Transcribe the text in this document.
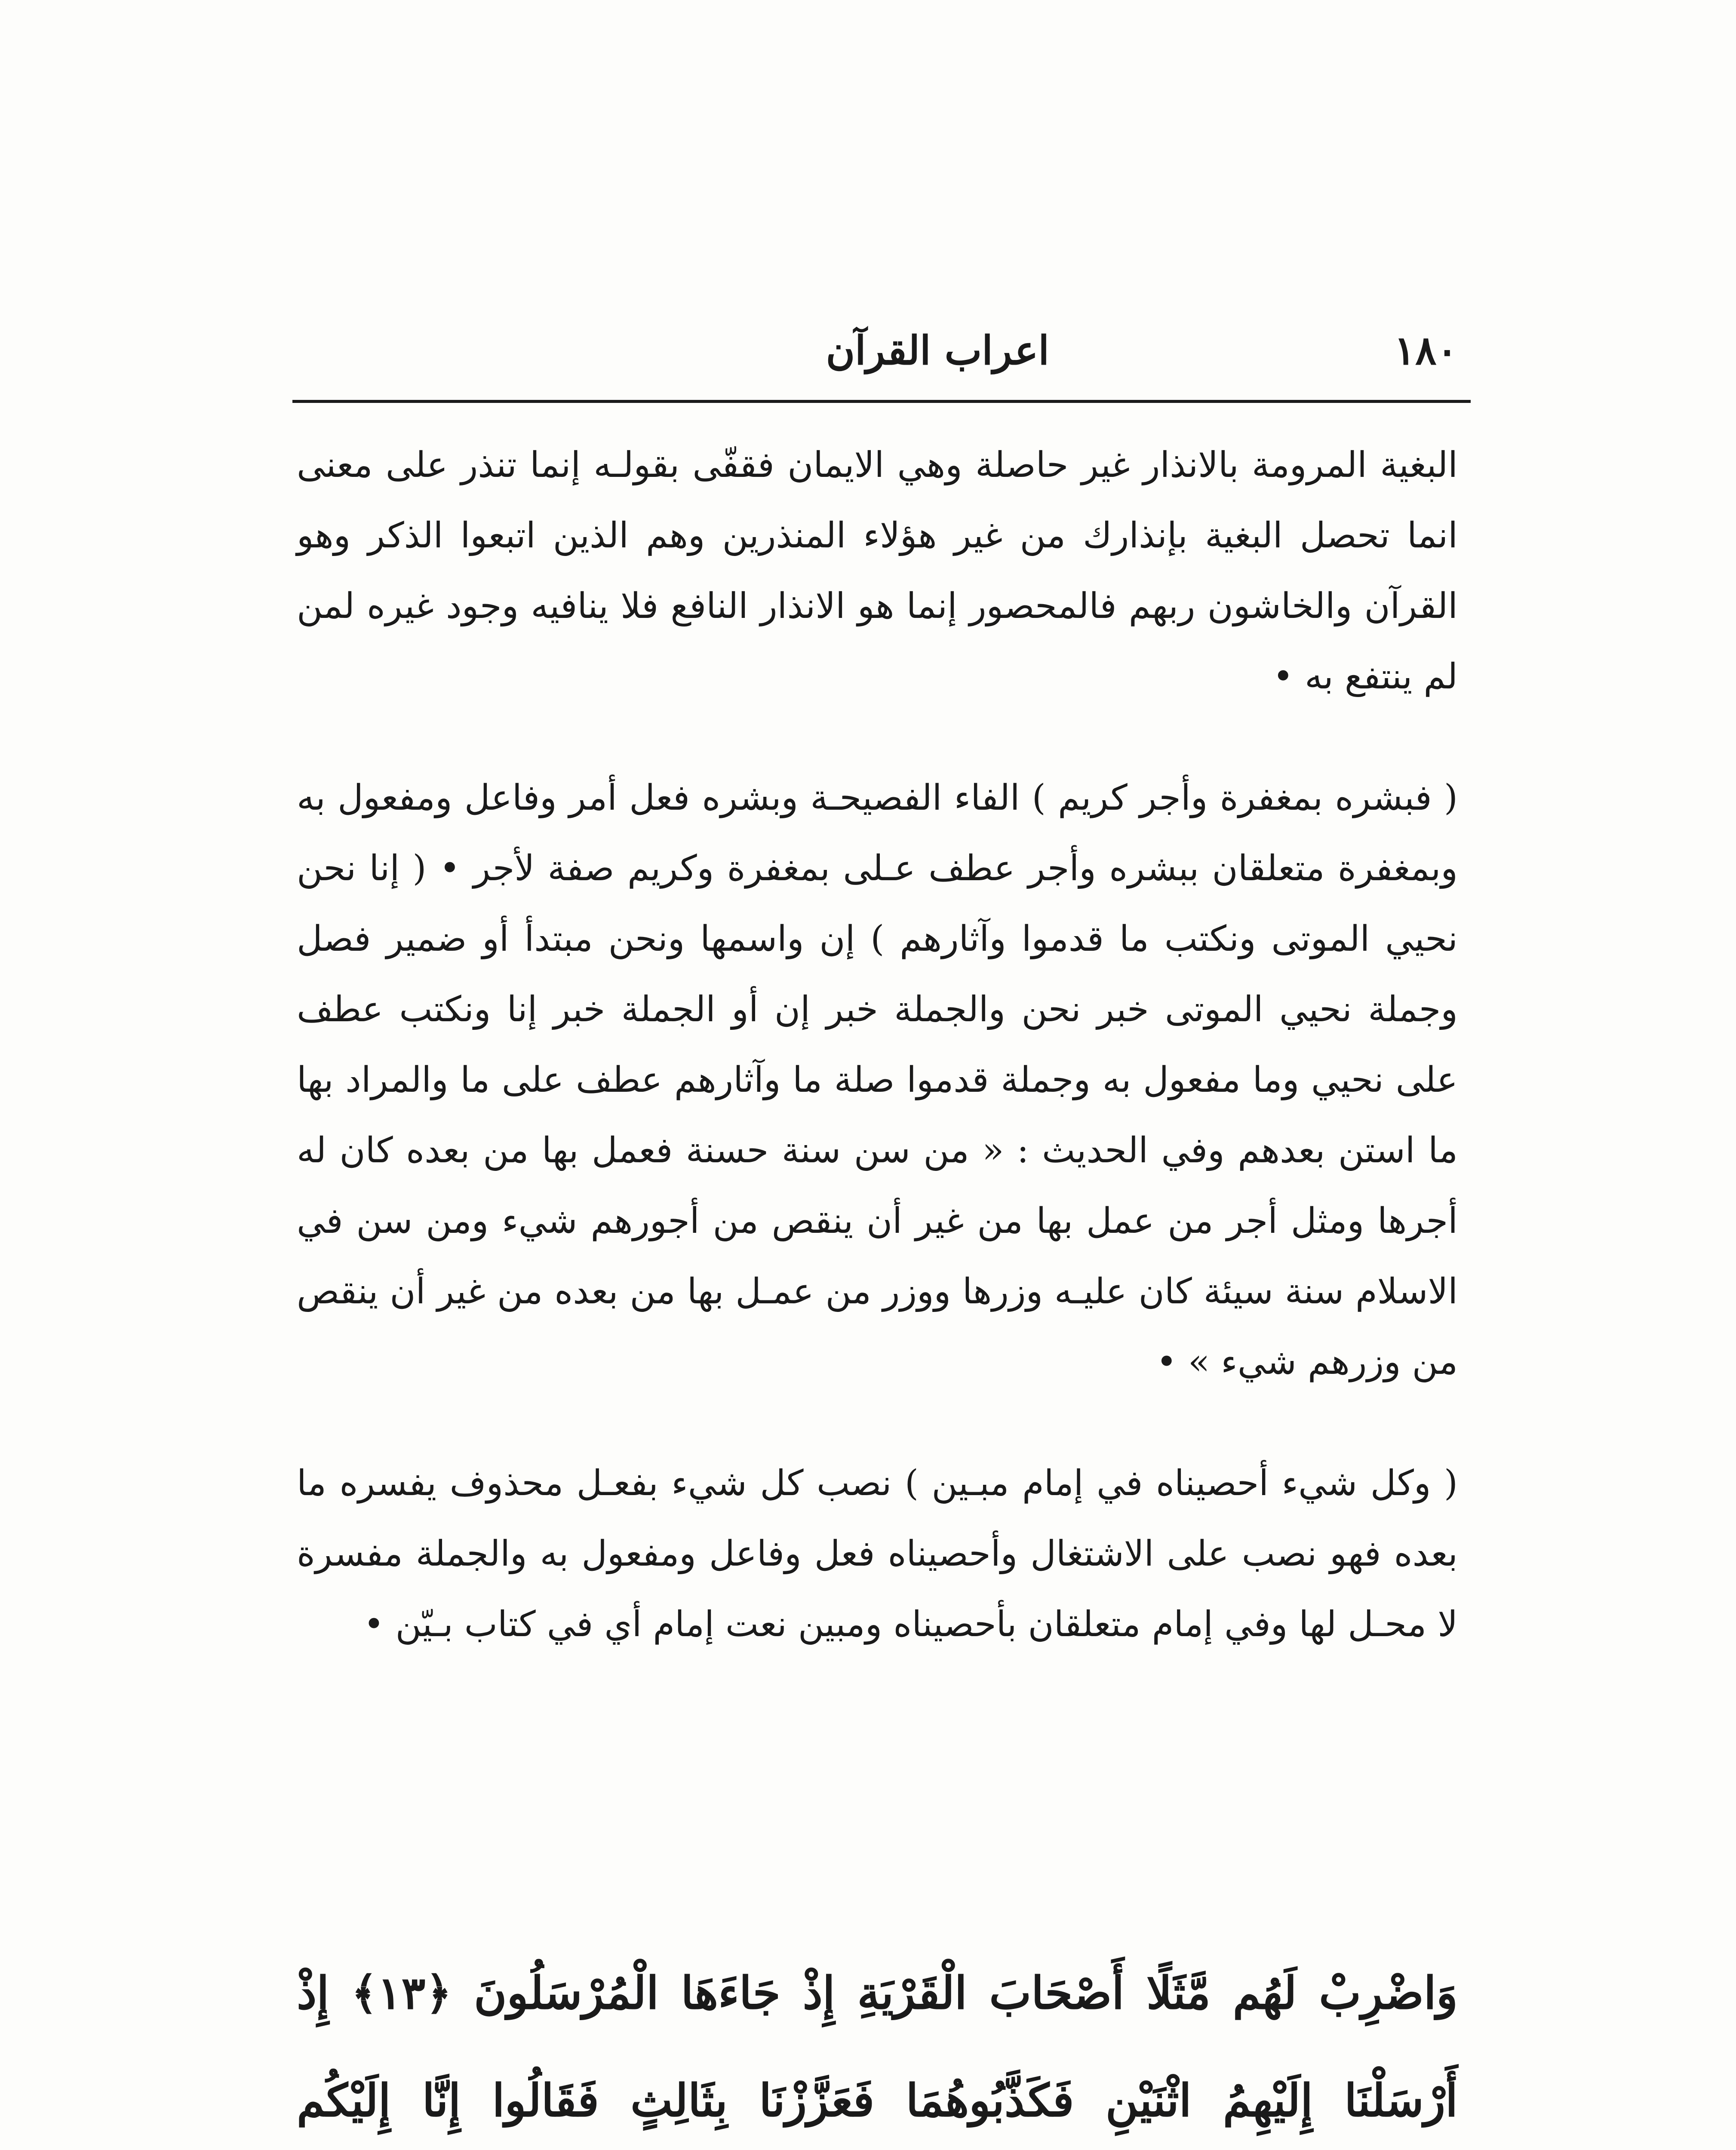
١٨٠
اعراب القرآن

البغية المرومة بالانذار غير حاصلة وهي الايمان فقفّى بقولـه إنما تنذر على معنى انما تحصل البغية بإنذارك من غير هؤلاء المنذرين وهم الذين اتبعوا الذكر وهو القرآن والخاشون ربهم فالمحصور إنما هو الانذار النافع فلا ينافيه وجود غيره لمن لم ينتفع به •

( فبشره بمغفرة وأجر كريم ) الفاء الفصيحـة وبشره فعل أمر وفاعل ومفعول به وبمغفرة متعلقان ببشره وأجر عطف عـلى بمغفرة وكريم صفة لأجر • ( إنا نحن نحيي الموتى ونكتب ما قدموا وآثارهم ) إن واسمها ونحن مبتدأ أو ضمير فصل وجملة نحيي الموتى خبر نحن والجملة خبر إن أو الجملة خبر إنا ونكتب عطف على نحيي وما مفعول به وجملة قدموا صلة ما وآثارهم عطف على ما والمراد بها ما استن بعدهم وفي الحديث : « من سن سنة حسنة فعمل بها من بعده كان له أجرها ومثل أجر من عمل بها من غير أن ينقص من أجورهم شيء ومن سن في الاسلام سنة سيئة كان عليـه وزرها ووزر من عمـل بها من بعده من غير أن ينقص من وزرهم شيء » •

( وكل شيء أحصيناه في إمام مبـين ) نصب كل شيء بفعـل محذوف يفسره ما بعده فهو نصب على الاشتغال وأحصيناه فعل وفاعل ومفعول به والجملة مفسرة لا محـل لها وفي إمام متعلقان بأحصيناه ومبين نعت إمام أي في كتاب بـيّن •

وَاضْرِبْ لَهُم مَّثَلًا أَصْحَابَ الْقَرْيَةِ إِذْ جَاءَهَا الْمُرْسَلُونَ ﴿١٣﴾ إِذْ أَرْسَلْنَا إِلَيْهِمُ اثْنَيْنِ فَكَذَّبُوهُمَا فَعَزَّزْنَا بِثَالِثٍ فَقَالُوا إِنَّا إِلَيْكُم
